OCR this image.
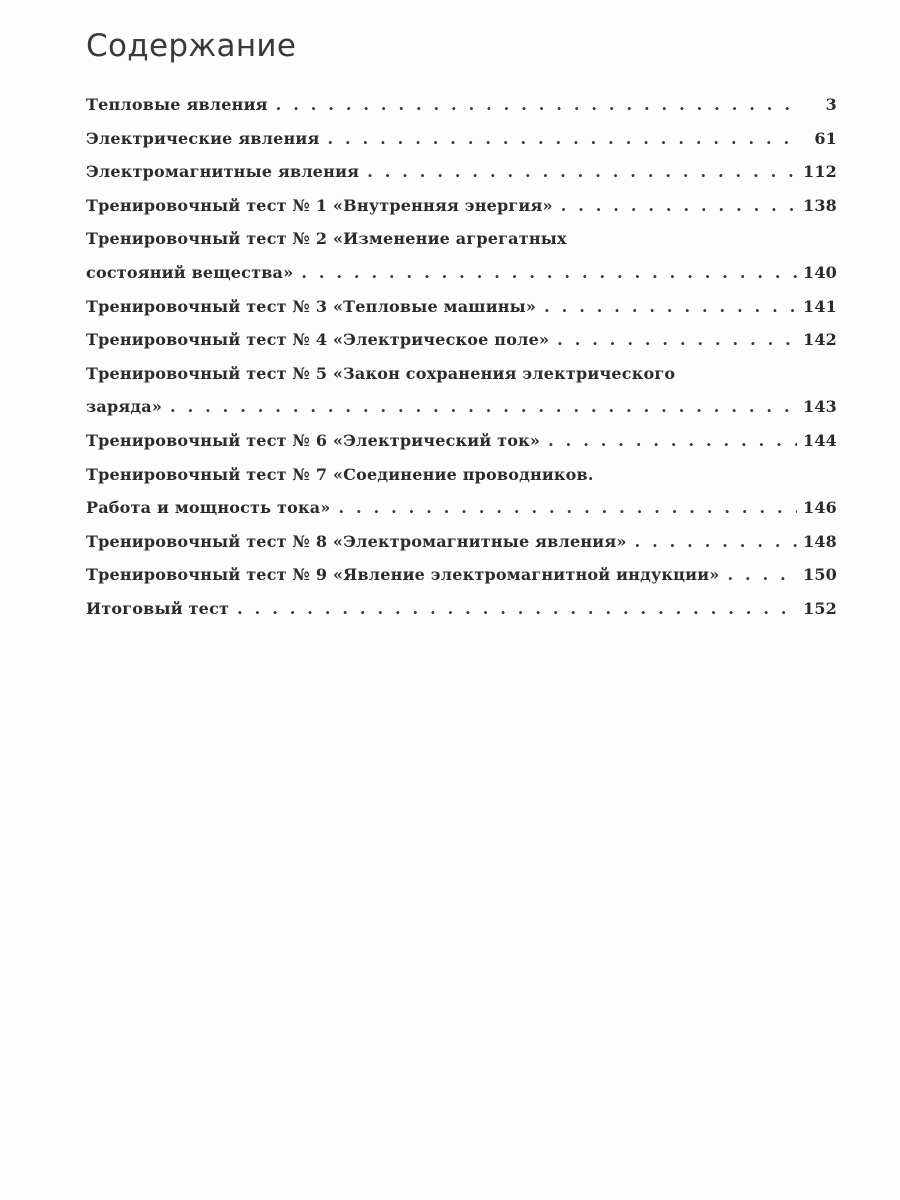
Содержание
Тепловые явления . . .	3
Электрические явления . . .	61
Электромагнитные явления . . .	112
Тренировочный тест № 1 «Внутренняя энергия» . . .	138
Тренировочный тест № 2 «Изменение агрегатных
состояний вещества» . . .	140
Тренировочный тест № 3 «Тепловые машины» . . .	141
Тренировочный тест № 4 «Электрическое поле» . . .	142
Тренировочный тест № 5 «Закон сохранения электрического
заряда» . . .	143
Тренировочный тест № 6 «Электрический ток» . . .	144
Тренировочный тест № 7 «Соединение проводников.
Работа и мощность тока» . . .	146
Тренировочный тест № 8 «Электромагнитные явления» . . .	148
Тренировочный тест № 9 «Явление электромагнитной индукции» . . .	150
Итоговый тест . . .	152
